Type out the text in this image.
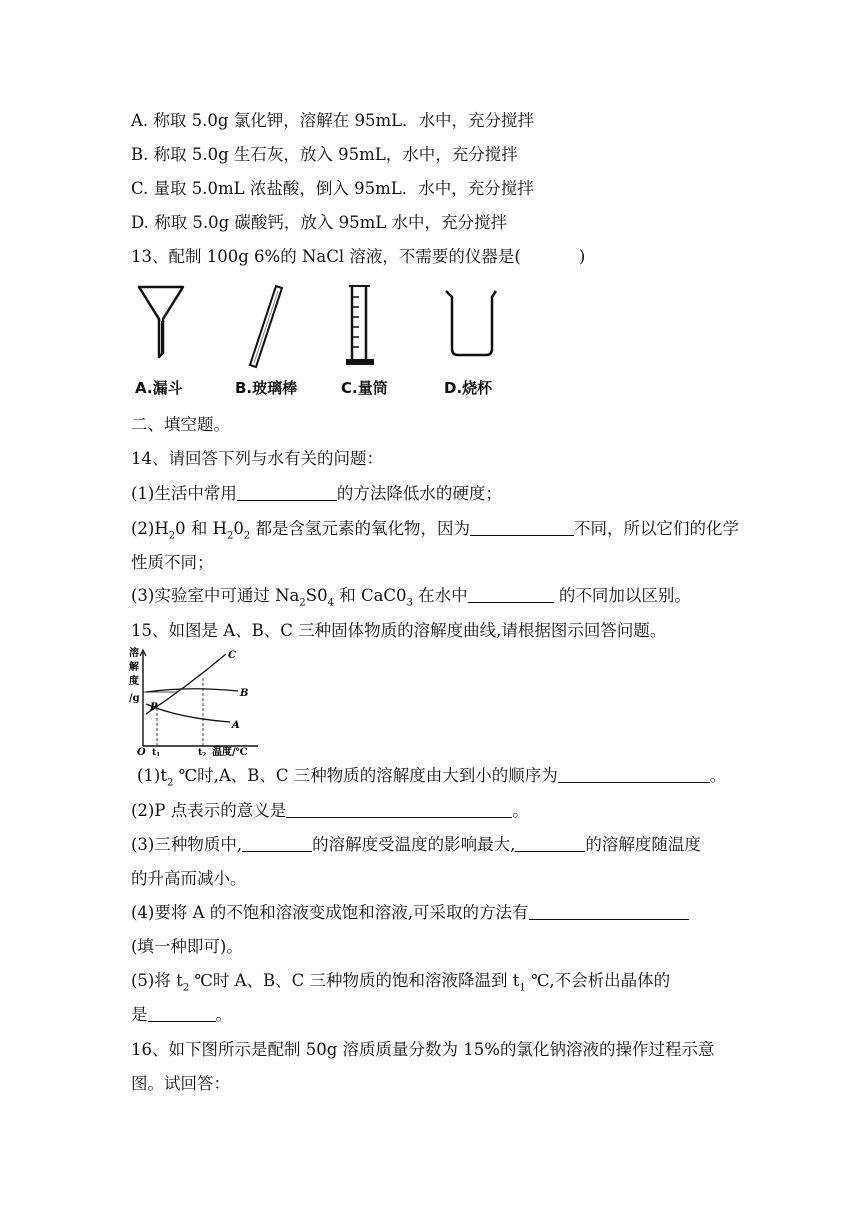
A. 称取 5.0g 氯化钾，溶解在 95mL．水中，充分搅拌
B. 称取 5.0g 生石灰，放入 95mL，水中，充分搅拌
C. 量取 5.0mL 浓盐酸，倒入 95mL．水中，充分搅拌
D. 称取 5.0g 碳酸钙，放入 95mL 水中，充分搅拌
13、配制 100g 6%的 NaCl 溶液，不需要的仪器是(	)
A.漏斗	B.玻璃棒	C.量筒	D.烧杯
二、填空题。
14、请回答下列与水有关的问题：
(1)生活中常用	的方法降低水的硬度；
$(2)H_20$ 和 $H_20_2$ 都是含氢元素的氧化物，因为	不同，所以它们的化学
性质不同；
(3)实验室中可通过 $Na_2S0_4$ 和 $CaC0_3$ 在水中	的不同加以区别。
15、如图是 A、B、C 三种固体物质的溶解度曲线,请根据图示回答问题。
溶
解
度
/g
C
B
A
P
O $t_1$	$t_2$ 温度/℃
$(1)t_2$ ℃时,A、B、C 三种物质的溶解度由大到小的顺序为	。
(2)P 点表示的意义是	。
(3)三种物质中,	的溶解度受温度的影响最大,	的溶解度随温度
的升高而减小。
(4)要将 A 的不饱和溶液变成饱和溶液,可采取的方法有
(填一种即可)。
(5)将 $t_2$ ℃时 A、B、C 三种物质的饱和溶液降温到 $t_1$ ℃,不会析出晶体的
是	。
16、如下图所示是配制 50g 溶质质量分数为 15%的氯化钠溶液的操作过程示意
图。试回答：
